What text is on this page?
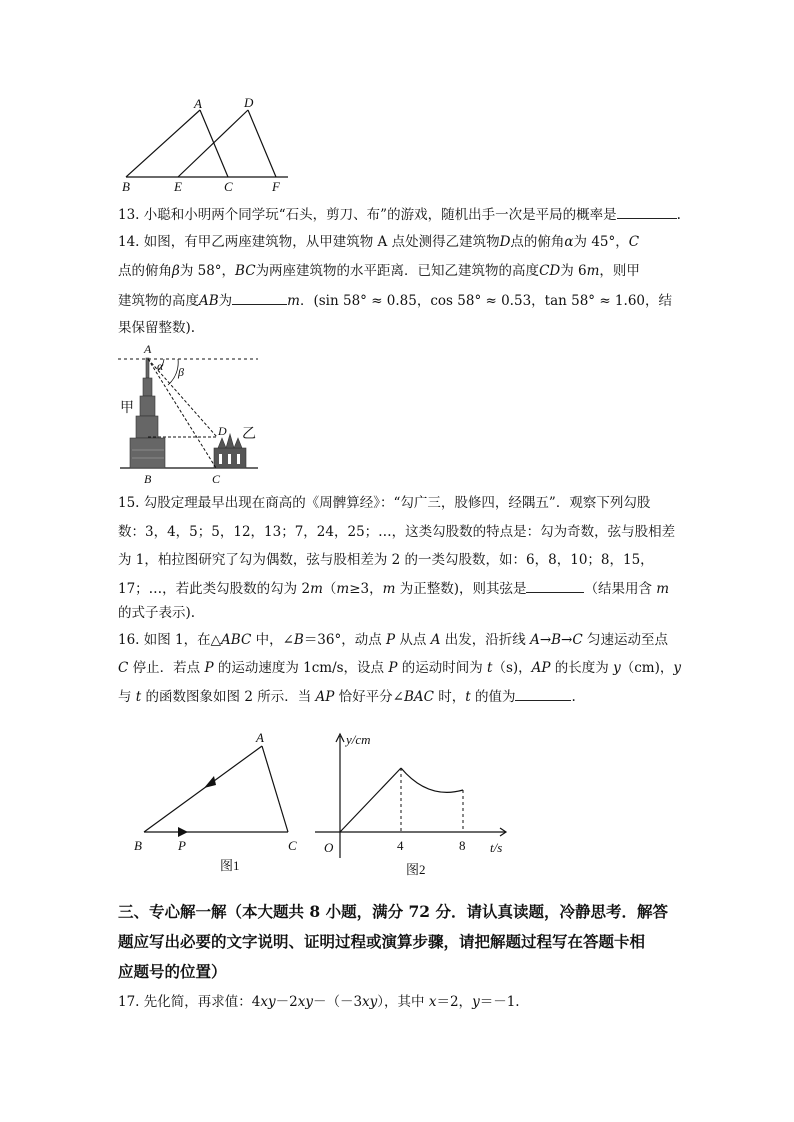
A	D
B	E	C	F
13. 小聪和小明两个同学玩“石头，剪刀、布”的游戏，随机出手一次是平局的概率是	.
14. 如图，有甲乙两座建筑物，从甲建筑物 A 点处测得乙建筑物D点的俯角α为 45°，C
点的俯角β为 58°，BC为两座建筑物的水平距离．已知乙建筑物的高度CD为 6m，则甲
建筑物的高度AB为	m．(sin 58° ≈ 0.85，cos 58° ≈ 0.53，tan 58° ≈ 1.60，结
果保留整数).
A
α β
甲
D 乙
B	C
15. 勾股定理最早出现在商高的《周髀算经》：“勾广三，股修四，经隅五”．观察下列勾股
数：3，4，5；5，12，13；7，24，25；…，这类勾股数的特点是：勾为奇数，弦与股相差
为 1，柏拉图研究了勾为偶数，弦与股相差为 2 的一类勾股数，如：6，8，10；8，15，
17；…，若此类勾股数的勾为 2m（m≥3，m 为正整数)，则其弦是	（结果用含 m
的式子表示).
16. 如图 1，在△ABC 中，∠B＝36°，动点 P 从点 A 出发，沿折线 A→B→C 匀速运动至点
C 停止．若点 P 的运动速度为 1cm/s，设点 P 的运动时间为 t（s)，AP 的长度为 y（cm)，y
与 t 的函数图象如图 2 所示．当 AP 恰好平分∠BAC 时，t 的值为	.
A
B	P	C
图1
y/cm
O	4	8 t/s
图2
三、专心解一解（本大题共 8 小题，满分 72 分．请认真读题，冷静思考．解答
题应写出必要的文字说明、证明过程或演算步骤，请把解题过程写在答题卡相
应题号的位置）
17. 先化简，再求值：4xy－2xy－（－3xy），其中 x＝2，y＝－1.
